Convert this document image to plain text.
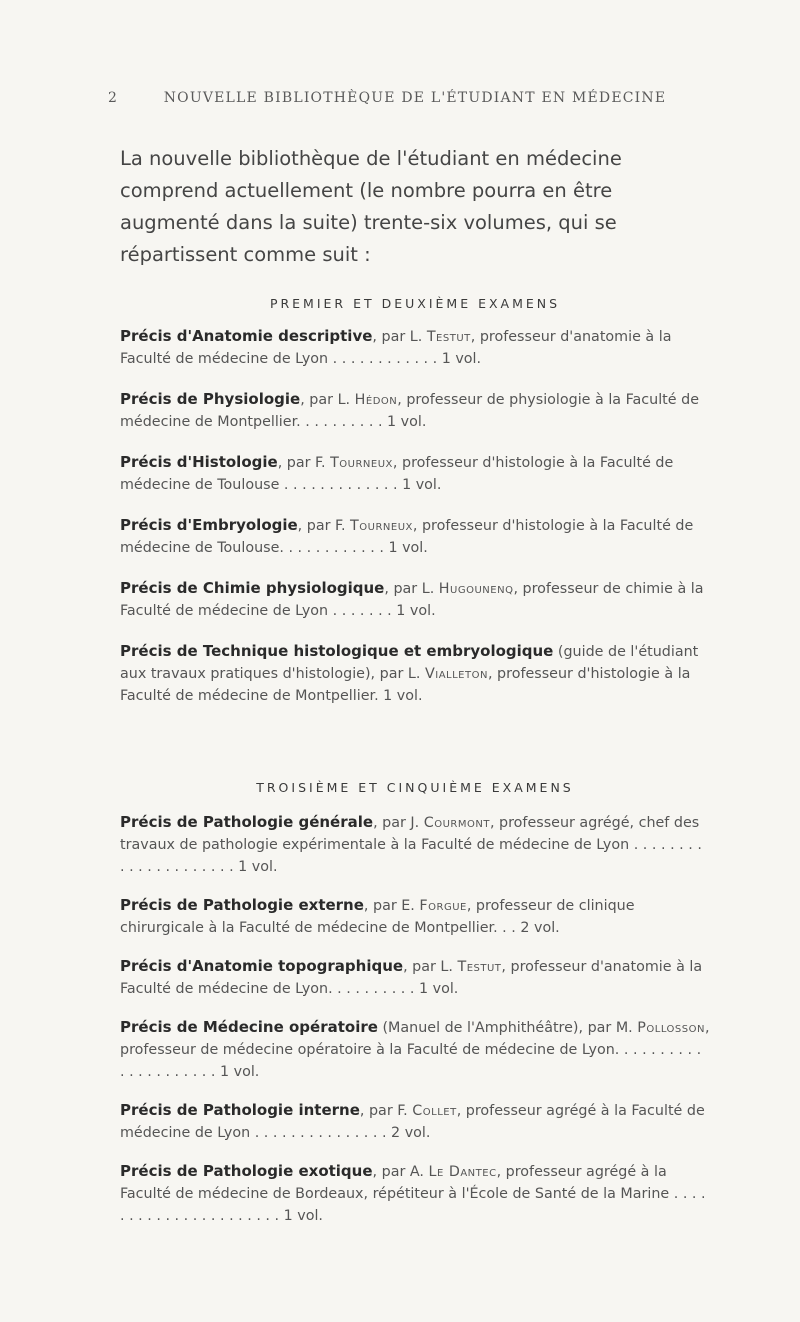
2	NOUVELLE BIBLIOTHÈQUE DE L'ÉTUDIANT EN MÉDECINE

La nouvelle bibliothèque de l'étudiant en médecine comprend actuellement (le nombre pourra en être augmenté dans la suite) trente-six volumes, qui se répartissent comme suit :

PREMIER ET DEUXIÈME EXAMENS

Précis d'Anatomie descriptive, par L. Testut, professeur d'anatomie à la Faculté de médecine de Lyon . . . . . . . . . . . . 1 vol.

Précis de Physiologie, par L. Hédon, professeur de physiologie à la Faculté de médecine de Montpellier. . . . . . . . . . 1 vol.

Précis d'Histologie, par F. Tourneux, professeur d'histologie à la Faculté de médecine de Toulouse . . . . . . . . . . . . . 1 vol.

Précis d'Embryologie, par F. Tourneux, professeur d'histologie à la Faculté de médecine de Toulouse. . . . . . . . . . . . 1 vol.

Précis de Chimie physiologique, par L. Hugounenq, professeur de chimie à la Faculté de médecine de Lyon . . . . . . . 1 vol.

Précis de Technique histologique et embryologique (guide de l'étudiant aux travaux pratiques d'histologie), par L. Vialleton, professeur d'histologie à la Faculté de médecine de Montpellier. 1 vol.

TROISIÈME ET CINQUIÈME EXAMENS

Précis de Pathologie générale, par J. Courmont, professeur agrégé, chef des travaux de pathologie expérimentale à la Faculté de médecine de Lyon . . . . . . . . . . . . . . . . . . . . . 1 vol.

Précis de Pathologie externe, par E. Forgue, professeur de clinique chirurgicale à la Faculté de médecine de Montpellier. . . 2 vol.

Précis d'Anatomie topographique, par L. Testut, professeur d'anatomie à la Faculté de médecine de Lyon. . . . . . . . . . 1 vol.

Précis de Médecine opératoire (Manuel de l'Amphithéâtre), par M. Pollosson, professeur de médecine opératoire à la Faculté de médecine de Lyon. . . . . . . . . . . . . . . . . . . . . 1 vol.

Précis de Pathologie interne, par F. Collet, professeur agrégé à la Faculté de médecine de Lyon . . . . . . . . . . . . . . . 2 vol.

Précis de Pathologie exotique, par A. Le Dantec, professeur agrégé à la Faculté de médecine de Bordeaux, répétiteur à l'École de Santé de la Marine . . . . . . . . . . . . . . . . . . . . . . 1 vol.
